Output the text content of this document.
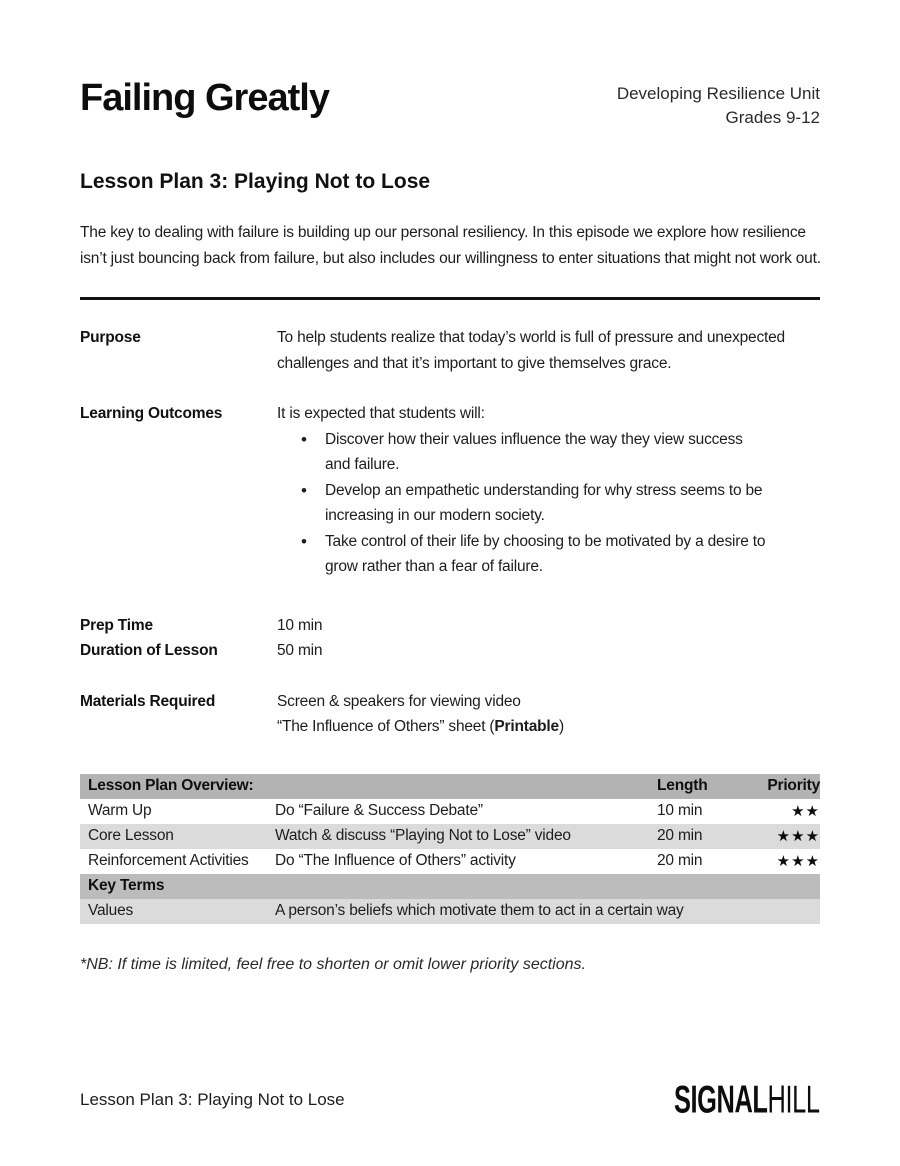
Failing Greatly	Developing Resilience Unit
Grades 9-12
Lesson Plan 3: Playing Not to Lose

The key to dealing with failure is building up our personal resiliency. In this episode we explore how resilience isn’t just bouncing back from failure, but also includes our willingness to enter situations that might not work out.

Purpose	To help students realize that today’s world is full of pressure and unexpected challenges and that it’s important to give themselves grace.
Learning Outcomes	It is expected that students will:
• Discover how their values influence the way they view success and failure.
• Develop an empathetic understanding for why stress seems to be increasing in our modern society.
• Take control of their life by choosing to be motivated by a desire to grow rather than a fear of failure.
Prep Time	10 min
Duration of Lesson	50 min
Materials Required	Screen & speakers for viewing video
“The Influence of Others” sheet (Printable)
Lesson Plan Overview:		Length	Priority
Warm Up	Do “Failure & Success Debate”	10 min	★★
Core Lesson	Watch & discuss “Playing Not to Lose” video	20 min	★★★
Reinforcement Activities	Do “The Influence of Others” activity	20 min	★★★
Key Terms			
Values	A person’s beliefs which motivate them to act in a certain way		
*NB: If time is limited, feel free to shorten or omit lower priority sections.
Lesson Plan 3: Playing Not to Lose	SIGNALHILL
